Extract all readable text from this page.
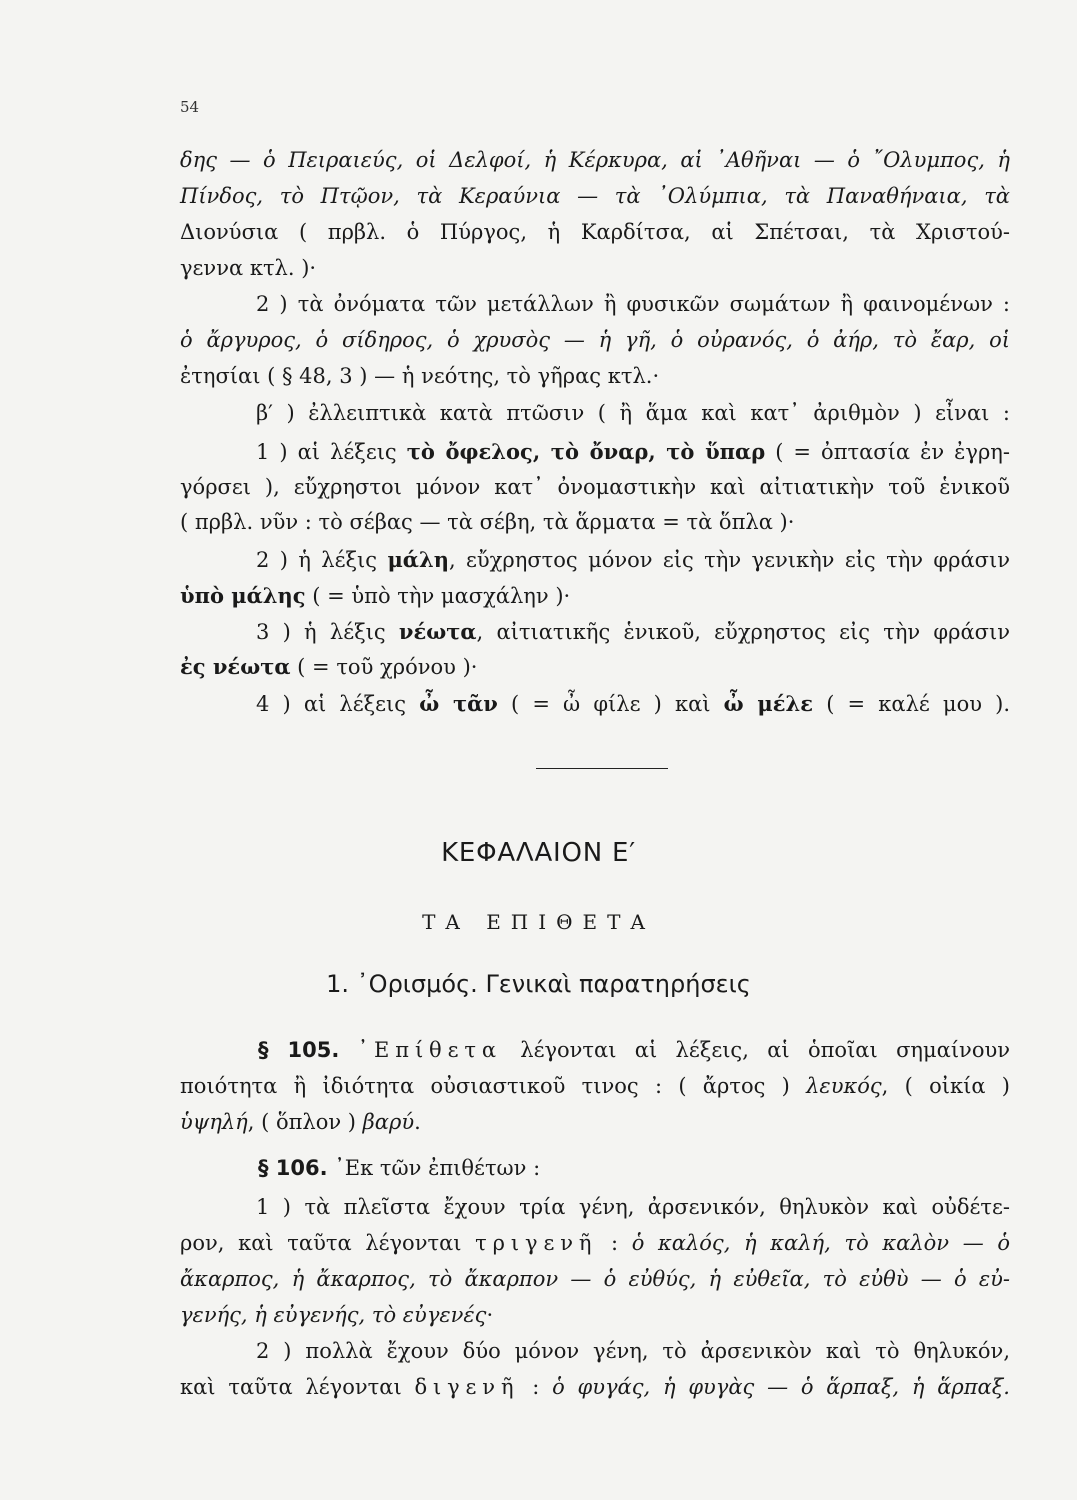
54

δης — ὁ Πειραιεύς, οἱ Δελφοί, ἡ Κέρκυρα, αἱ ᾿Αθῆναι — ὁ ῎Ολυμπος, ἡ

Πίνδος, τὸ Πτῷον, τὰ Κεραύνια — τὰ ᾿Ολύμπια, τὰ Παναθήναια, τὰ

Διονύσια ( πρβλ. ὁ Πύργος, ἡ Καρδίτσα, αἱ Σπέτσαι, τὰ Χριστού-

γεννα κτλ. )·

2 ) τὰ ὀνόματα τῶν μετάλλων ἢ φυσικῶν σωμάτων ἢ φαινομένων :

ὁ ἄργυρος, ὁ σίδηρος, ὁ χρυσὸς — ἡ γῆ, ὁ οὐρανός, ὁ ἀήρ, τὸ ἔαρ, οἱ

ἐτησίαι ( § 48, 3 ) — ἡ νεότης, τὸ γῆρας κτλ.·

β′ ) ἐλλειπτικὰ κατὰ πτῶσιν ( ἢ ἅμα καὶ κατ᾿ ἀριθμὸν ) εἶναι :

1 ) αἱ λέξεις τὸ ὄφελος, τὸ ὄναρ, τὸ ὕπαρ ( = ὀπτασία ἐν ἐγρη-

γόρσει ), εὔχρηστοι μόνον κατ᾿ ὀνομαστικὴν καὶ αἰτιατικὴν τοῦ ἑνικοῦ

( πρβλ. νῦν : τὸ σέβας — τὰ σέβη, τὰ ἅρματα = τὰ ὅπλα )·

2 ) ἡ λέξις μάλη, εὔχρηστος μόνον εἰς τὴν γενικὴν εἰς τὴν φράσιν

ὑπὸ μάλης ( = ὑπὸ τὴν μασχάλην )·

3 ) ἡ λέξις νέωτα, αἰτιατικῆς ἑνικοῦ, εὔχρηστος εἰς τὴν φράσιν

ἐς νέωτα ( = τοῦ χρόνου )·

4 ) αἱ λέξεις ὦ τᾶν ( = ὦ φίλε ) καὶ ὦ μέλε ( = καλέ μου ).

ΚΕΦΑΛΑΙΟΝ Ε′
ΤΑ ΕΠΙΘΕΤΑ
1. ᾿Ορισμός. Γενικαὶ παρατηρήσεις

§ 105. ᾿Επίθετα λέγονται αἱ λέξεις, αἱ ὁποῖαι σημαίνουν

ποιότητα ἢ ἰδιότητα οὐσιαστικοῦ τινος : ( ἄρτος ) λευκός, ( οἰκία )

ὑψηλή, ( ὅπλον ) βαρύ.

§ 106. ᾿Εκ τῶν ἐπιθέτων :

1 ) τὰ πλεῖστα ἔχουν τρία γένη, ἀρσενικόν, θηλυκὸν καὶ οὐδέτε-

ρον, καὶ ταῦτα λέγονται τριγενῆ : ὁ καλός, ἡ καλή, τὸ καλὸν — ὁ

ἄκαρπος, ἡ ἄκαρπος, τὸ ἄκαρπον — ὁ εὐθύς, ἡ εὐθεῖα, τὸ εὐθὺ — ὁ εὐ-

γενής, ἡ εὐγενής, τὸ εὐγενές·

2 ) πολλὰ ἔχουν δύο μόνον γένη, τὸ ἀρσενικὸν καὶ τὸ θηλυκόν,

καὶ ταῦτα λέγονται διγενῆ : ὁ φυγάς, ἡ φυγὰς — ὁ ἅρπαξ, ἡ ἅρπαξ.
